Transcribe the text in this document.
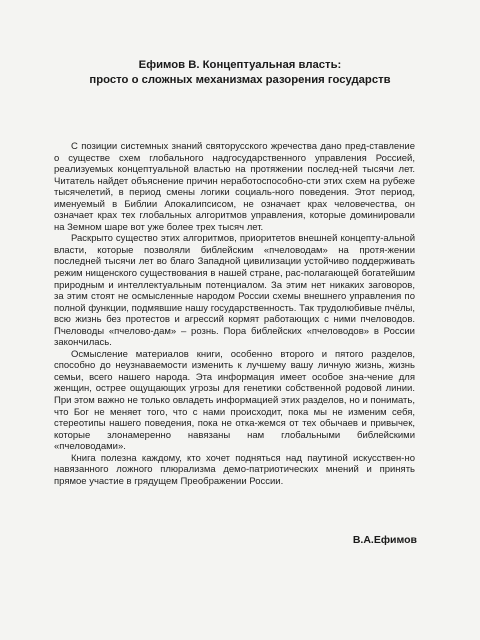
Ефимов В. Концептуальная власть:
просто о сложных механизмах разорения государств

С позиции системных знаний святорусского жречества дано пред-ставление о существе схем глобального надгосударственного управления Россией, реализуемых концептуальной властью на протяжении послед-ней тысячи лет. Читатель найдет объяснение причин неработоспособно-сти этих схем на рубеже тысячелетий, в период смены логики социаль-ного поведения. Этот период, именуемый в Библии Апокалипсисом, не означает крах человечества, он означает крах тех глобальных алгоритмов управления, которые доминировали на Земном шаре вот уже более трех тысяч лет.

Раскрыто существо этих алгоритмов, приоритетов внешней концепту-альной власти, которые позволяли библейским «пчеловодам» на протя-жении последней тысячи лет во благо Западной цивилизации устойчиво поддерживать режим нищенского существования в нашей стране, рас-полагающей богатейшим природным и интеллектуальным потенциалом. За этим нет никаких заговоров, за этим стоят не осмысленные народом России схемы внешнего управления по полной функции, подмявшие нашу государственность. Так трудолюбивые пчёлы, всю жизнь без протестов и агрессий кормят работающих с ними пчеловодов. Пчеловоды «пчелово-дам» – рознь. Пора библейских «пчеловодов» в России закончилась.

Осмысление материалов книги, особенно второго и пятого разделов, способно до неузнаваемости изменить к лучшему вашу личную жизнь, жизнь семьи, всего нашего народа. Эта информация имеет особое зна-чение для женщин, острее ощущающих угрозы для генетики собственной родовой линии. При этом важно не только овладеть информацией этих разделов, но и понимать, что Бог не меняет того, что с нами происходит, пока мы не изменим себя, стереотипы нашего поведения, пока не отка-жемся от тех обычаев и привычек, которые злонамеренно навязаны нам глобальными библейскими «пчеловодами».

Книга полезна каждому, кто хочет подняться над паутиной искусствен-но навязанного ложного плюрализма демо-патриотических мнений и принять прямое участие в грядущем Преображении России.

В.А.Ефимов
